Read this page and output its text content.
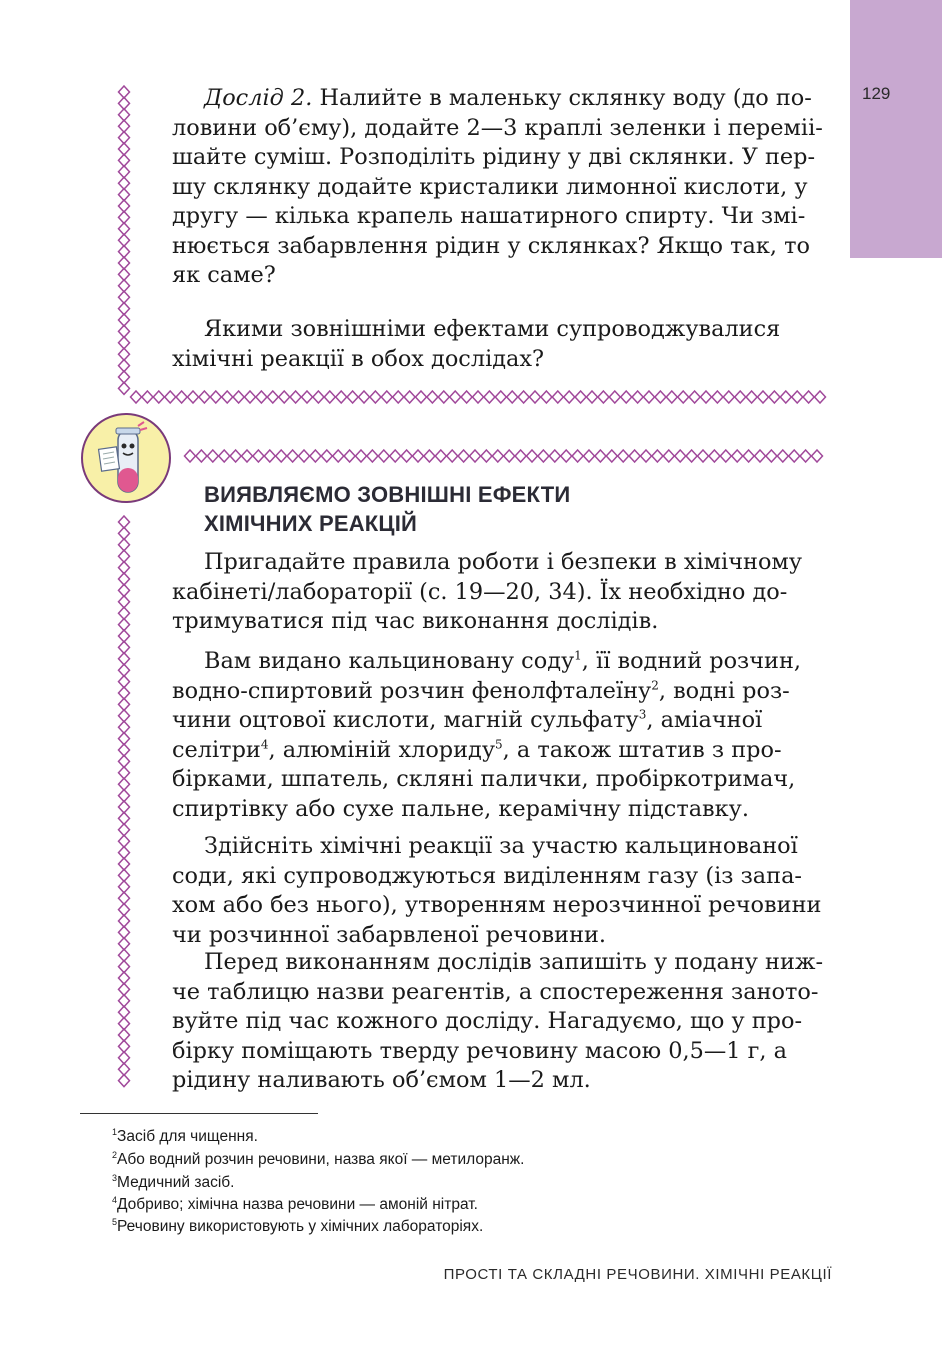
129
Дослід 2. Налийте в маленьку склянку воду (до по-
ловини об’єму), додайте 2—3 краплі зеленки і переміі-
шайте суміш. Розподіліть рідину у дві склянки. У пер-
шу склянку додайте кристалики лимонної кислоти, у
другу — кілька крапель нашатирного спирту. Чи змі-
нюється забарвлення рідин у склянках? Якщо так, то
як саме?
Якими зовнішніми ефектами супроводжувалися
хімічні реакції в обох дослідах?
ВИЯВЛЯЄМО ЗОВНІШНІ ЕФЕКТИ
ХІМІЧНИХ РЕАКЦІЙ
Пригадайте правила роботи і безпеки в хімічному
кабінеті/лабораторії (с. 19—20, 34). Їх необхідно до-
тримуватися під час виконання дослідів.
Вам видано кальциновану соду$^1$, її водний розчин,
водно-спиртовий розчин фенолфталеїну$^2$, водні роз-
чини оцтової кислоти, магній сульфату$^3$, аміачної
селітри$^4$, алюміній хлориду$^5$, а також штатив з про-
бірками, шпатель, скляні палички, пробіркотримач,
спиртівку або сухе пальне, керамічну підставку.
Здійсніть хімічні реакції за участю кальцинованої
соди, які супроводжуються виділенням газу (із запа-
хом або без нього), утворенням нерозчинної речовини
чи розчинної забарвленої речовини.
Перед виконанням дослідів запишіть у подану ниж-
че таблицю назви реагентів, а спостереження заното-
вуйте під час кожного досліду. Нагадуємо, що у про-
бірку поміщають тверду речовину масою 0,5—1 г, а
рідину наливають об’ємом 1—2 мл.
$^1$Засіб для чищення.
$^2$Або водний розчин речовини, назва якої — метилоранж.
$^3$Медичний засіб.
$^4$Добриво; хімічна назва речовини — амоній нітрат.
$^5$Речовину використовують у хімічних лабораторіях.
ПРОСТІ ТА СКЛАДНІ РЕЧОВИНИ. ХІМІЧНІ РЕАКЦІЇ
